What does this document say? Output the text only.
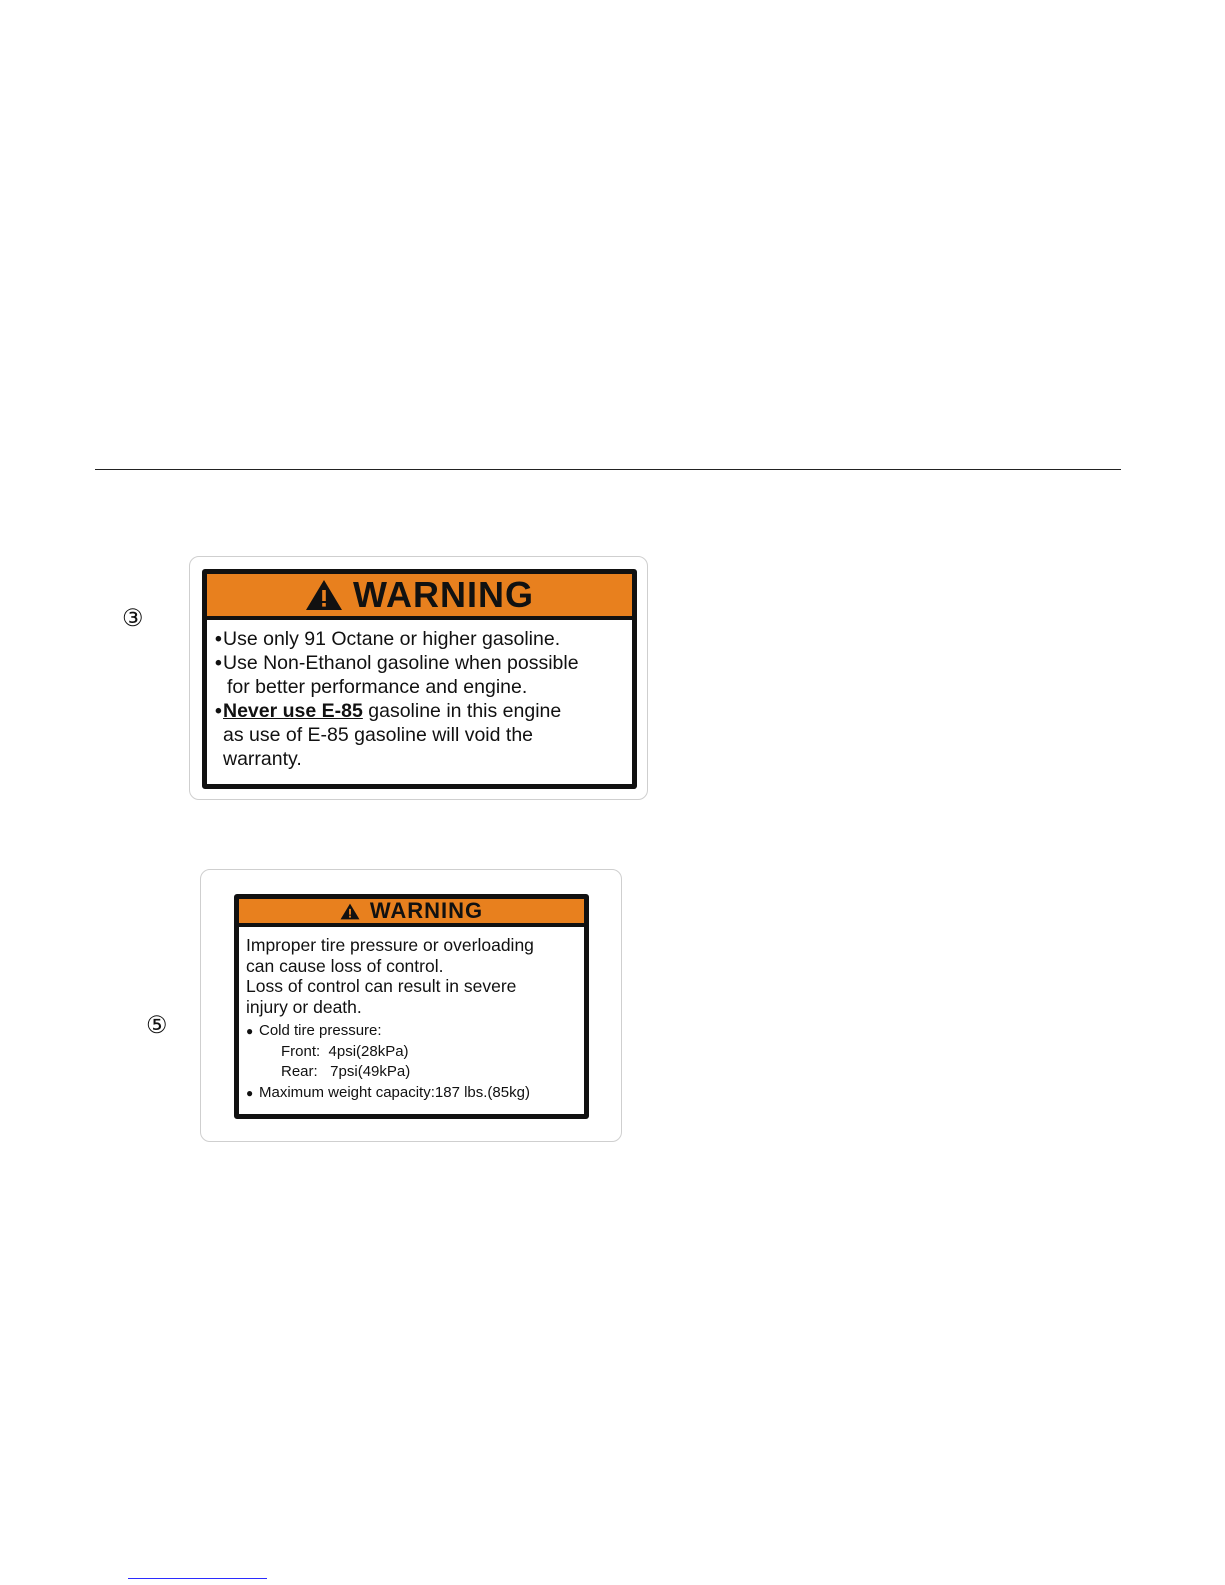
③
WARNING
•Use only 91 Octane or higher gasoline.
•Use Non-Ethanol gasoline when possible
for better performance and engine.
•Never use E-85 gasoline in this engine
as use of E-85 gasoline will void the
warranty.
⑤
WARNING
Improper tire pressure or overloading
can cause loss of control.
Loss of control can result in severe
injury or death.
● Cold tire pressure:
Front:  4psi(28kPa)
Rear:   7psi(49kPa)
● Maximum weight capacity:187 lbs.(85kg)
